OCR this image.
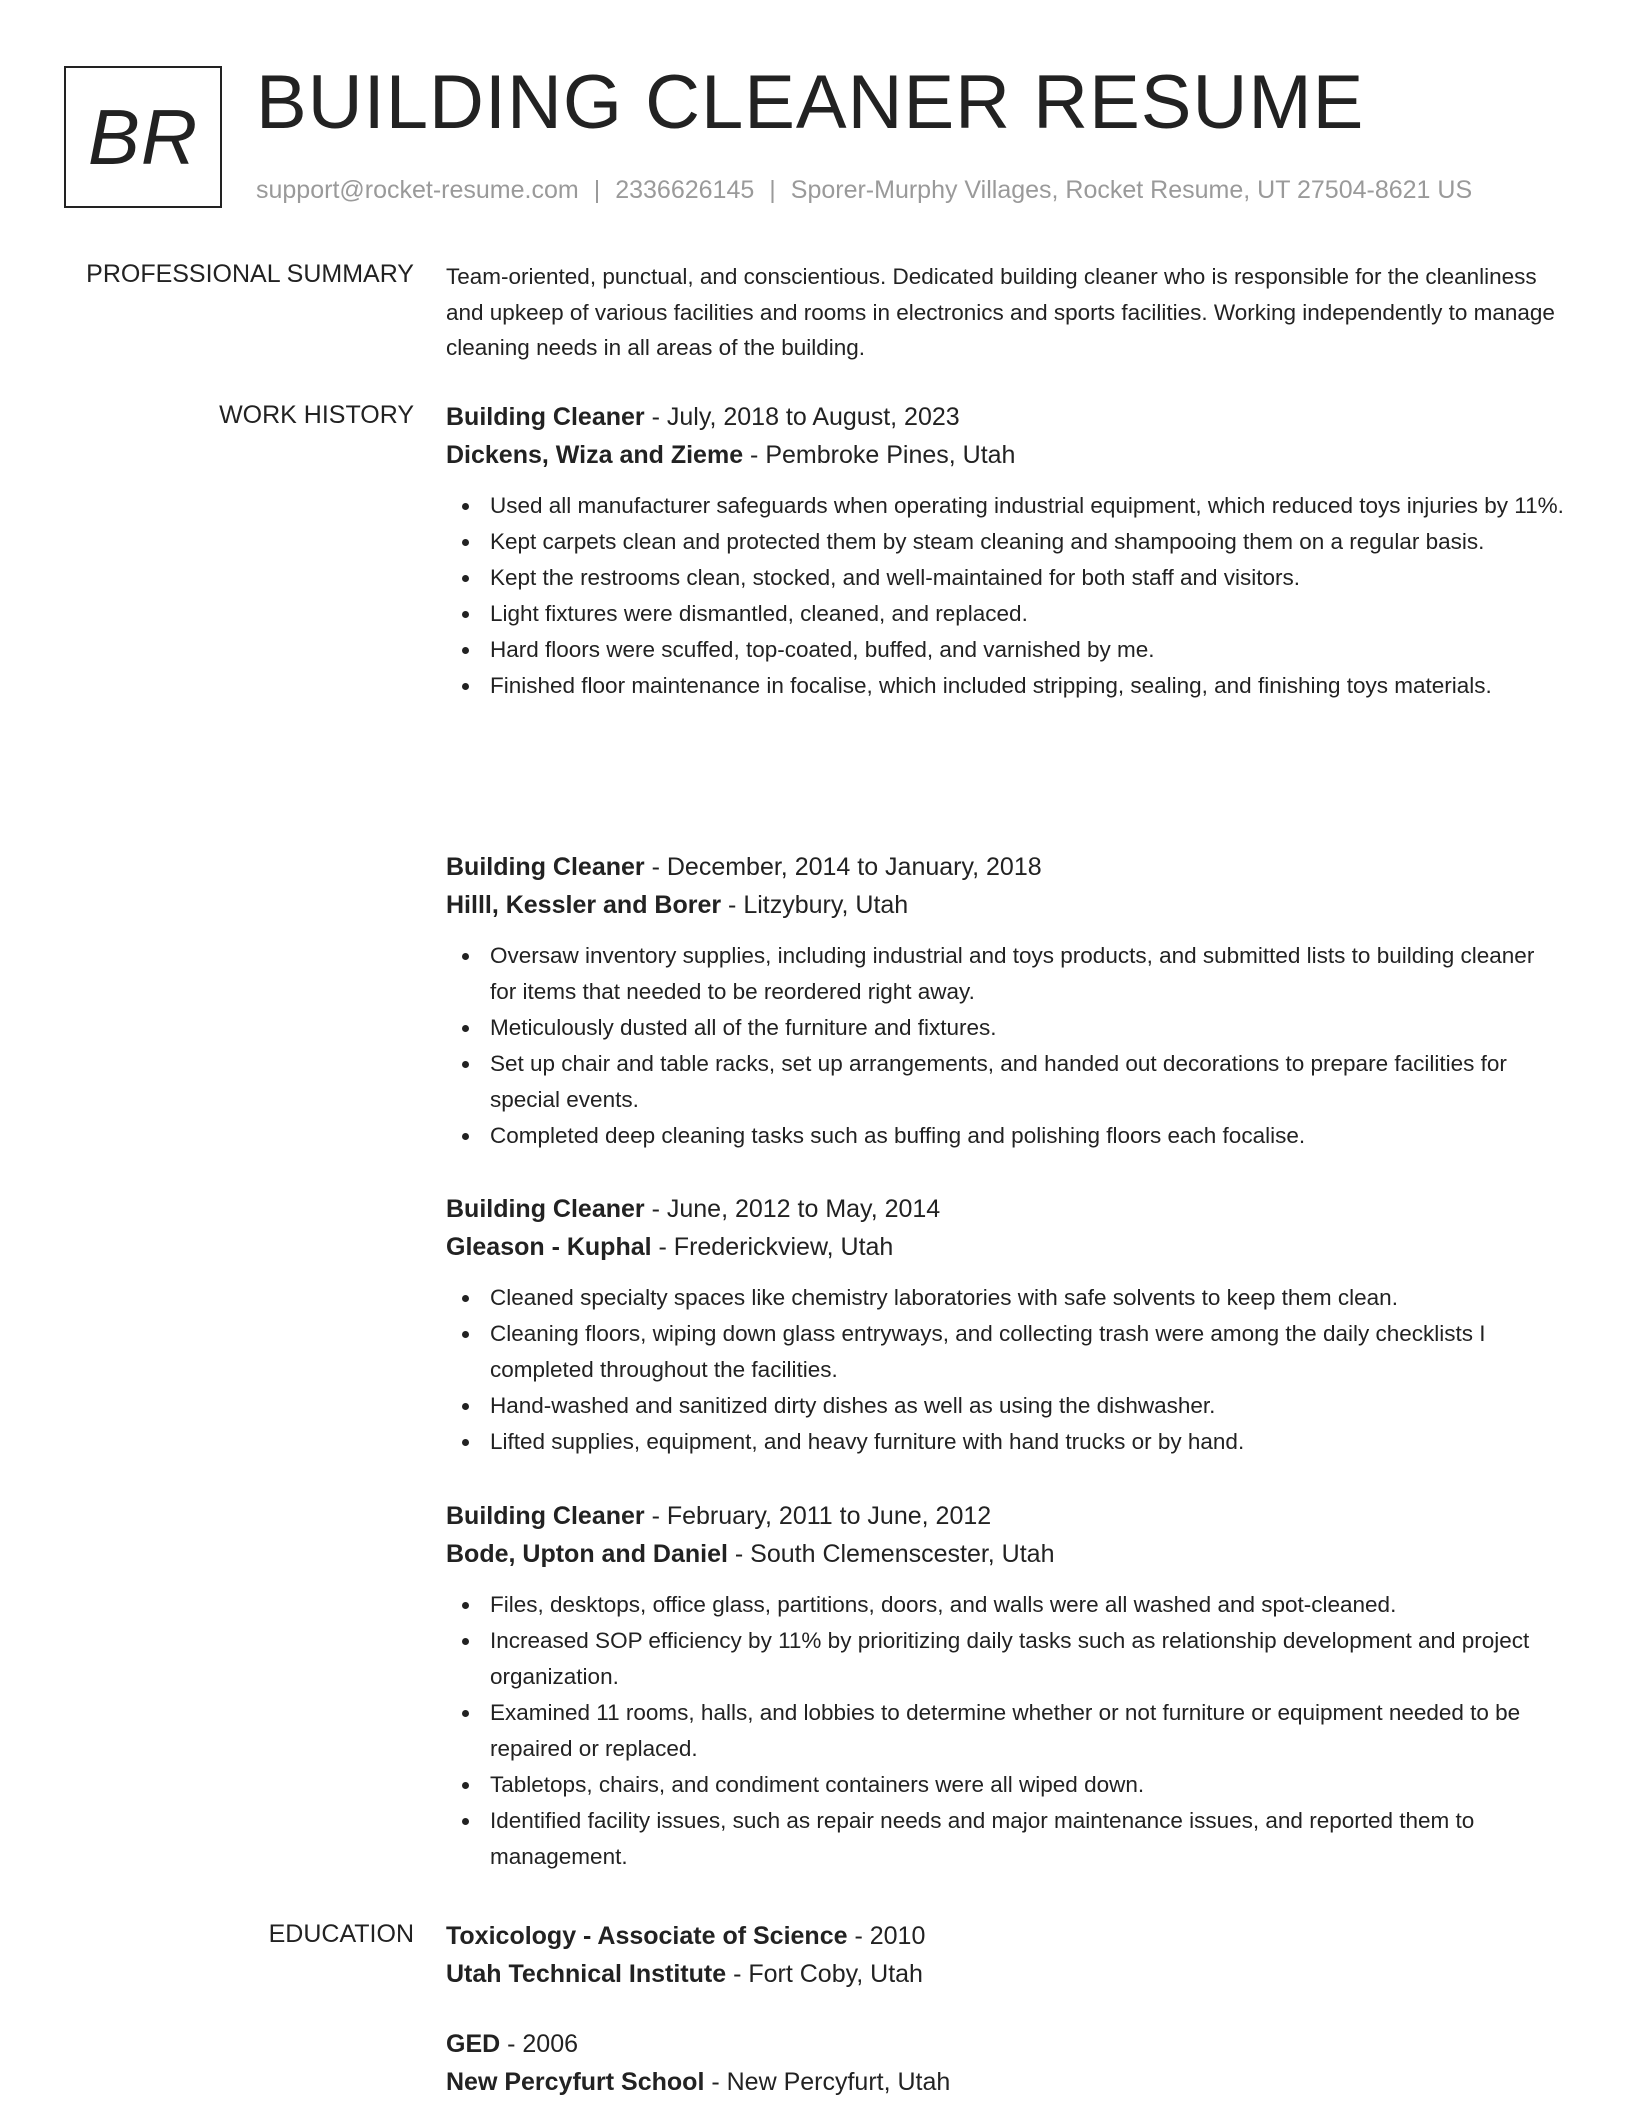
BR BUILDING CLEANER RESUME
support@rocket-resume.com | 2336626145 | Sporer-Murphy Villages, Rocket Resume, UT 27504-8621 US
PROFESSIONAL SUMMARY Team-oriented, punctual, and conscientious. Dedicated building cleaner who is responsible for the cleanliness and upkeep of various facilities and rooms in electronics and sports facilities. Working independently to manage cleaning needs in all areas of the building.

WORK HISTORY Building Cleaner - July, 2018 to August, 2023
Dickens, Wiza and Zieme - Pembroke Pines, Utah
Used all manufacturer safeguards when operating industrial equipment, which reduced toys injuries by 11%.
Kept carpets clean and protected them by steam cleaning and shampooing them on a regular basis.
Kept the restrooms clean, stocked, and well-maintained for both staff and visitors.
Light fixtures were dismantled, cleaned, and replaced.
Hard floors were scuffed, top-coated, buffed, and varnished by me.
Finished floor maintenance in focalise, which included stripping, sealing, and finishing toys materials.
Building Cleaner - December, 2014 to January, 2018
Hilll, Kessler and Borer - Litzybury, Utah
Oversaw inventory supplies, including industrial and toys products, and submitted lists to building cleaner for items that needed to be reordered right away.
Meticulously dusted all of the furniture and fixtures.
Set up chair and table racks, set up arrangements, and handed out decorations to prepare facilities for special events.
Completed deep cleaning tasks such as buffing and polishing floors each focalise.
Building Cleaner - June, 2012 to May, 2014
Gleason - Kuphal - Frederickview, Utah
Cleaned specialty spaces like chemistry laboratories with safe solvents to keep them clean.
Cleaning floors, wiping down glass entryways, and collecting trash were among the daily checklists I completed throughout the facilities.
Hand-washed and sanitized dirty dishes as well as using the dishwasher.
Lifted supplies, equipment, and heavy furniture with hand trucks or by hand.
Building Cleaner - February, 2011 to June, 2012
Bode, Upton and Daniel - South Clemenscester, Utah
Files, desktops, office glass, partitions, doors, and walls were all washed and spot-cleaned.
Increased SOP efficiency by 11% by prioritizing daily tasks such as relationship development and project organization.
Examined 11 rooms, halls, and lobbies to determine whether or not furniture or equipment needed to be repaired or replaced.
Tabletops, chairs, and condiment containers were all wiped down.
Identified facility issues, such as repair needs and major maintenance issues, and reported them to management.
EDUCATION Toxicology - Associate of Science - 2010
Utah Technical Institute - Fort Coby, Utah
GED - 2006
New Percyfurt School - New Percyfurt, Utah
